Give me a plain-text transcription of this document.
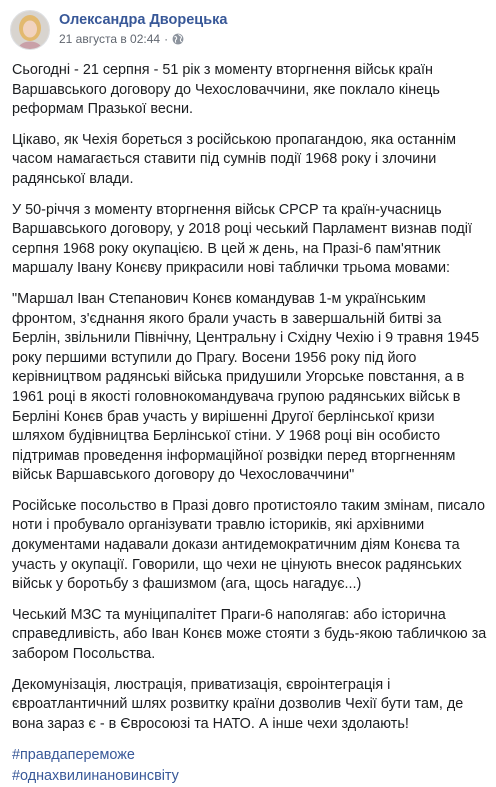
Олександра Дворецька
21 августа в 02:44 ·

Сьогодні - 21 серпня - 51 рік з моменту вторгнення військ країн Варшавського договору до Чехословаччини, яке поклало кінець реформам Празької весни.

Цікаво, як Чехія бореться з російською пропагандою, яка останнім часом намагається ставити під сумнів події 1968 року і злочини радянської влади.

У 50-річчя з моменту вторгнення військ СРСР та країн-учасниць Варшавського договору, у 2018 році чеський Парламент визнав події серпня 1968 року окупацією. В цей ж день, на Празі-6 пам'ятник маршалу Івану Конєву прикрасили нові таблички трьома мовами:

"Маршал Іван Степанович Конєв командував 1-м українським фронтом, з'єднання якого брали участь в завершальній битві за Берлін, звільнили Північну, Центральну і Східну Чехію і 9 травня 1945 року першими вступили до Прагу. Восени 1956 року під його керівництвом радянські війська придушили Угорське повстання, а в 1961 році в якості головнокомандувача групою радянських військ в Берліні Конєв брав участь у вирішенні Другої берлінської кризи шляхом будівництва Берлінської стіни. У 1968 році він особисто підтримав проведення інформаційної розвідки перед вторгненням військ Варшавського договору до Чехословаччини"

Російське посольство в Празі довго протистояло таким змінам, писало ноти і пробувало організувати травлю істориків, які архівними документами надавали докази антидемократичним діям Конєва та участь у окупації. Говорили, що чехи не цінують внесок радянських військ у боротьбу з фашизмом (ага, щось нагадує...)

Чеський МЗС та муніципалітет Праги-6 наполягав: або історична справедливість, або Іван Конєв може стояти з будь-якою табличкою за забором Посольства.

Декомунізація, люстрація, приватизація, євроінтеграція і євроатлантичний шлях розвитку країни дозволив Чехії бути там, де вона зараз є - в Євросоюзі та НАТО. А інше чехи здолають!

#правдапереможе
#однахвилинановинсвіту
